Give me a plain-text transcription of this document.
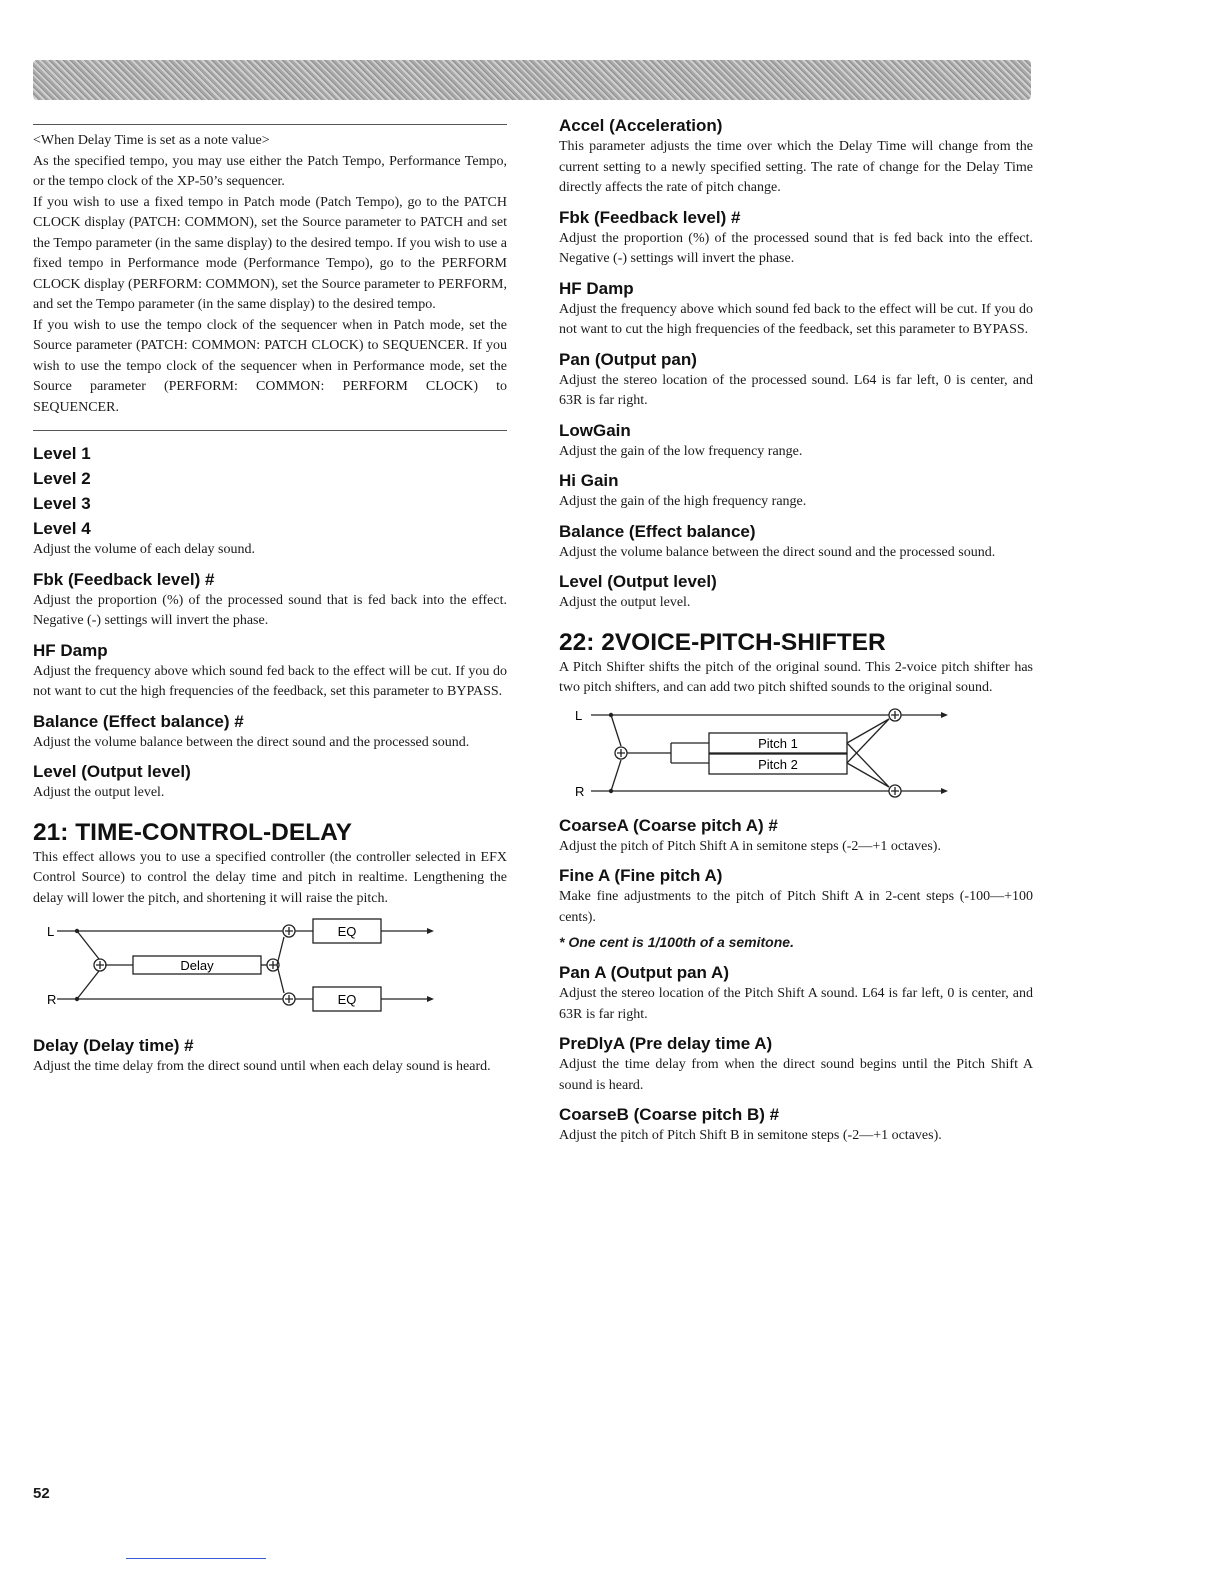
<When Delay Time is set as a note value>

As the specified tempo, you may use either the Patch Tempo, Performance Tempo, or the tempo clock of the XP-50’s sequencer.

If you wish to use a fixed tempo in Patch mode (Patch Tempo), go to the PATCH CLOCK display (PATCH: COMMON), set the Source parameter to PATCH and set the Tempo parameter (in the same display) to the desired tempo. If you wish to use a fixed tempo in Performance mode (Performance Tempo), go to the PERFORM CLOCK display (PERFORM: COMMON), set the Source parameter to PERFORM, and set the Tempo parameter (in the same display) to the desired tempo.

If you wish to use the tempo clock of the sequencer when in Patch mode, set the Source parameter (PATCH: COMMON: PATCH CLOCK) to SEQUENCER. If you wish to use the tempo clock of the sequencer when in Performance mode, set the Source parameter (PERFORM: COMMON: PERFORM CLOCK) to SEQUENCER.

Level 1

Level 2

Level 3

Level 4

Adjust the volume of each delay sound.

Fbk (Feedback level) #

Adjust the proportion (%) of the processed sound that is fed back into the effect. Negative (-) settings will invert the phase.

HF Damp

Adjust the frequency above which sound fed back to the effect will be cut. If you do not want to cut the high frequencies of the feedback, set this parameter to BYPASS.

Balance (Effect balance) #

Adjust the volume balance between the direct sound and the processed sound.

Level (Output level)

Adjust the output level.

21: TIME-CONTROL-DELAY

This effect allows you to use a specified controller (the controller selected in EFX Control Source) to control the delay time and pitch in realtime. Lengthening the delay will lower the pitch, and shortening it will raise the pitch.

L
R
Delay
EQ
EQ

Delay (Delay time) #

Adjust the time delay from the direct sound until when each delay sound is heard.

Accel (Acceleration)

This parameter adjusts the time over which the Delay Time will change from the current setting to a newly specified setting. The rate of change for the Delay Time directly affects the rate of pitch change.

Fbk (Feedback level) #

Adjust the proportion (%) of the processed sound that is fed back into the effect. Negative (-) settings will invert the phase.

HF Damp

Adjust the frequency above which sound fed back to the effect will be cut. If you do not want to cut the high frequencies of the feedback, set this parameter to BYPASS.

Pan (Output pan)

Adjust the stereo location of the processed sound. L64 is far left, 0 is center, and 63R is far right.

LowGain

Adjust the gain of the low frequency range.

Hi Gain

Adjust the gain of the high frequency range.

Balance (Effect balance)

Adjust the volume balance between the direct sound and the processed sound.

Level (Output level)

Adjust the output level.

22: 2VOICE-PITCH-SHIFTER

A Pitch Shifter shifts the pitch of the original sound. This 2-voice pitch shifter has two pitch shifters, and can add two pitch shifted sounds to the original sound.

L
R
Pitch 1
Pitch 2

CoarseA (Coarse pitch A) #

Adjust the pitch of Pitch Shift A in semitone steps (-2—+1 octaves).

Fine A (Fine pitch A)

Make fine adjustments to the pitch of Pitch Shift A in 2-cent steps (-100—+100 cents).

* One cent is 1/100th of a semitone.

Pan A (Output pan A)

Adjust the stereo location of the Pitch Shift A sound. L64 is far left, 0 is center, and 63R is far right.

PreDlyA (Pre delay time A)

Adjust the time delay from when the direct sound begins until the Pitch Shift A sound is heard.

CoarseB (Coarse pitch B) #

Adjust the pitch of Pitch Shift B in semitone steps (-2—+1 octaves).

52
